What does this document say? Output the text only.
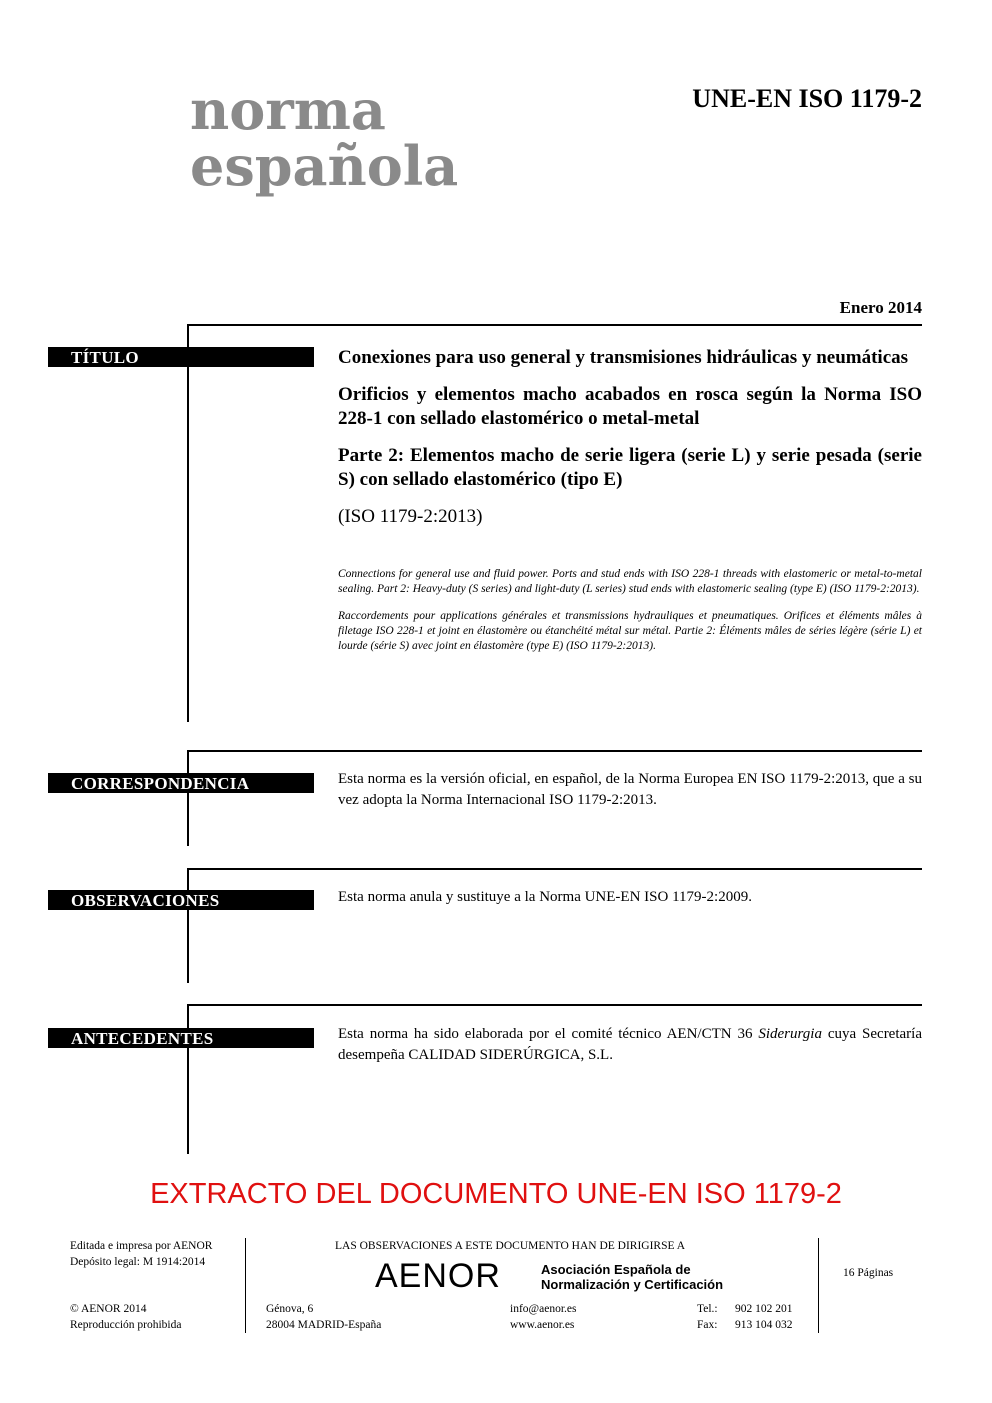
norma
española
UNE-EN ISO 1179-2
Enero 2014
TÍTULO	Conexiones para uso general y transmisiones hidráulicas y neumáticas

Orificios y elementos macho acabados en rosca según la Norma ISO 228-1 con sellado elastomérico o metal-metal

Parte 2: Elementos macho de serie ligera (serie L) y serie pesada (serie S) con sellado elastomérico (tipo E)

(ISO 1179-2:2013)

Connections for general use and fluid power. Ports and stud ends with ISO 228-1 threads with elastomeric or metal-to-metal sealing. Part 2: Heavy-duty (S series) and light-duty (L series) stud ends with elastomeric sealing (type E) (ISO 1179-2:2013).

Raccordements pour applications générales et transmissions hydrauliques et pneumatiques. Orifices et éléments mâles à filetage ISO 228-1 et joint en élastomère ou étanchéité métal sur métal. Partie 2: Éléments mâles de séries légère (série L) et lourde (série S) avec joint en élastomère (type E) (ISO 1179-2:2013).

CORRESPONDENCIA	Esta norma es la versión oficial, en español, de la Norma Europea EN ISO 1179-2:2013, que a su vez adopta la Norma Internacional ISO 1179-2:2013.
OBSERVACIONES	Esta norma anula y sustituye a la Norma UNE-EN ISO 1179-2:2009.
ANTECEDENTES	Esta norma ha sido elaborada por el comité técnico AEN/CTN 36 Siderurgia cuya Secretaría desempeña CALIDAD SIDERÚRGICA, S.L.
EXTRACTO DEL DOCUMENTO UNE-EN ISO 1179-2
Editada e impresa por AENOR
Depósito legal: M 1914:2014
© AENOR 2014
Reproducción prohibida
LAS OBSERVACIONES A ESTE DOCUMENTO HAN DE DIRIGIRSE A
AENOR	Asociación Española de
Normalización y Certificación
Génova, 6
28004 MADRID-España
info@aenor.es
www.aenor.es
Tel.: 902 102 201
Fax: 913 104 032
16 Páginas
